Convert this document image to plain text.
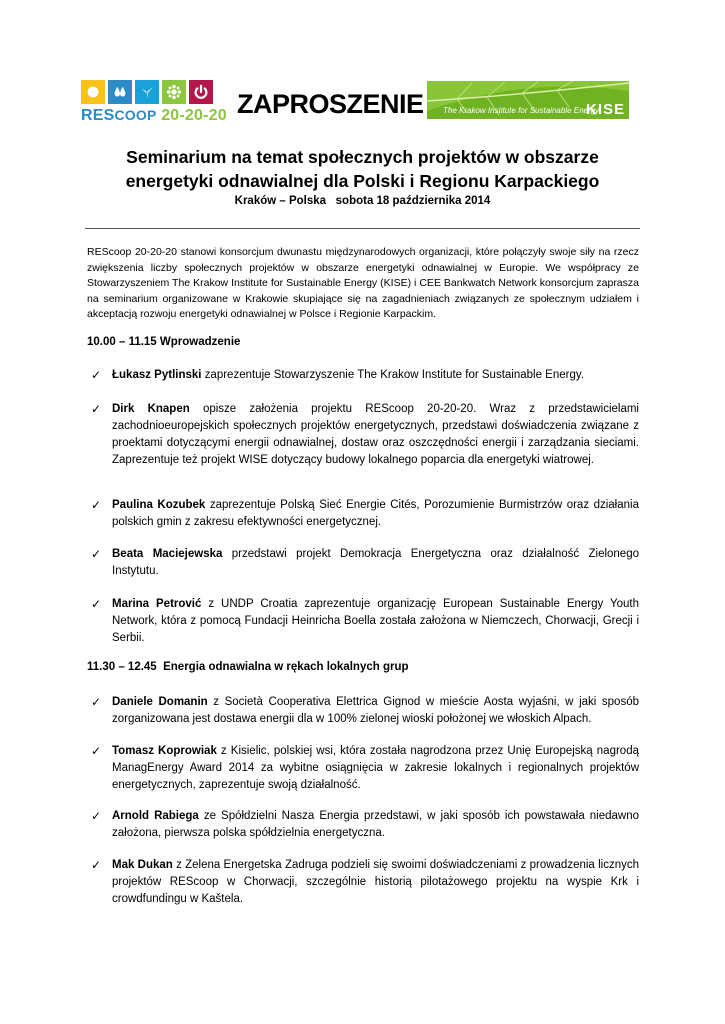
RESCOOP 20-20-20 ZAPROSZENIE The Krakow Institute for Sustainable Energy
KISE
Seminarium na temat społecznych projektów w obszarze
energetyki odnawialnej dla Polski i Regionu Karpackiego
Kraków – Polska   sobota 18 października 2014
REScoop 20-20-20 stanowi konsorcjum dwunastu międzynarodowych organizacji, które połączyły swoje siły na rzecz zwiększenia liczby społecznych projektów w obszarze energetyki odnawialnej w Europie. We współpracy ze Stowarzyszeniem The Krakow Institute for Sustainable Energy (KISE) i CEE Bankwatch Network konsorcjum zaprasza na seminarium organizowane w Krakowie skupiające się na zagadnieniach związanych ze społecznym udziałem i akceptacją rozwoju energetyki odnawialnej w Polsce i Regionie Karpackim.
10.00 – 11.15 Wprowadzenie
✓ Łukasz Pytlinski zaprezentuje Stowarzyszenie The Krakow Institute for Sustainable Energy.
✓ Dirk Knapen opisze założenia projektu REScoop 20-20-20. Wraz z przedstawicielami zachodnioeuropejskich społecznych projektów energetycznych, przedstawi doświadczenia związane z proektami dotyczącymi energii odnawialnej, dostaw oraz oszczędności energii i zarządzania sieciami. Zaprezentuje też projekt WISE dotyczący budowy lokalnego poparcia dla energetyki wiatrowej.
✓ Paulina Kozubek zaprezentuje Polską Sieć Energie Cités, Porozumienie Burmistrzów oraz działania polskich gmin z zakresu efektywności energetycznej.
✓ Beata Maciejewska przedstawi projekt Demokracja Energetyczna oraz działalność Zielonego Instytutu.
✓ Marina Petrović z UNDP Croatia zaprezentuje organizację European Sustainable Energy Youth Network, która z pomocą Fundacji Heinricha Boella została założona w Niemczech, Chorwacji, Grecji i Serbii.
11.30 – 12.45  Energia odnawialna w rękach lokalnych grup
✓ Daniele Domanin z Società Cooperativa Elettrica Gignod w mieście Aosta wyjaśni, w jaki sposób zorganizowana jest dostawa energii dla w 100% zielonej wioski położonej we włoskich Alpach.
✓ Tomasz Koprowiak z Kisielic, polskiej wsi, która została nagrodzona przez Unię Europejską nagrodą ManagEnergy Award 2014 za wybitne osiągnięcia w zakresie lokalnych i regionalnych projektów energetycznych, zaprezentuje swoją działalność.
✓ Arnold Rabiega ze Spółdzielni Nasza Energia przedstawi, w jaki sposób ich powstawała niedawno założona, pierwsza polska spółdzielnia energetyczna.
✓ Mak Dukan z Zelena Energetska Zadruga podzieli się swoimi doświadczeniami z prowadzenia licznych projektów REScoop w Chorwacji, szczególnie historią pilotażowego projektu na wyspie Krk i crowdfundingu w Kaštela.
